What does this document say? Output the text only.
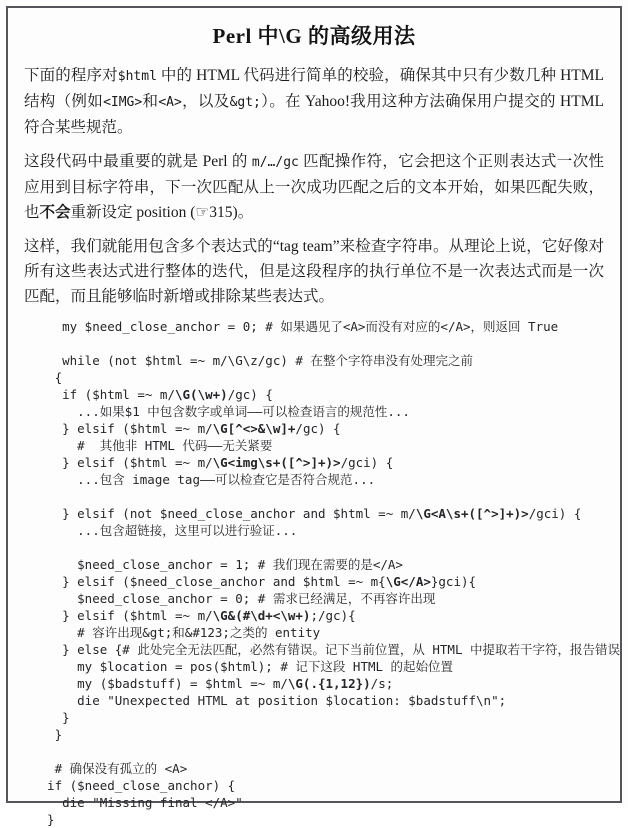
Perl 中\G 的高级用法

下面的程序对$html 中的 HTML 代码进行简单的校验，确保其中只有少数几种 HTML 结构（例如<IMG>和<A>，以及&gt;）。在 Yahoo!我用这种方法确保用户提交的 HTML 符合某些规范。

这段代码中最重要的就是 Perl 的 m/…/gc 匹配操作符，它会把这个正则表达式一次性应用到目标字符串，下一次匹配从上一次成功匹配之后的文本开始，如果匹配失败，也不会重新设定 position (☞315)。

这样，我们就能用包含多个表达式的“tag team”来检查字符串。从理论上说，它好像对所有这些表达式进行整体的迭代，但是这段程序的执行单位不是一次表达式而是一次匹配，而且能够临时新增或排除某些表达式。

my $need_close_anchor = 0; # 如果遇见了<A>而没有对应的</A>，则返回 True

while (not $html =~ m/\G\z/gc) # 在整个字符串没有处理完之前
{
if ($html =~ m/\G(\w+)/gc) {
...如果$1 中包含数字或单词——可以检查语言的规范性...
} elsif ($html =~ m/\G[^<>&\w]+/gc) {
#  其他非 HTML 代码——无关紧要
} elsif ($html =~ m/\G<img\s+([^>]+)>/gci) {
...包含 image tag——可以检查它是否符合规范...

} elsif (not $need_close_anchor and $html =~ m/\G<A\s+([^>]+)>/gci) {
...包含超链接，这里可以进行验证...

$need_close_anchor = 1; # 我们现在需要的是</A>
} elsif ($need_close_anchor and $html =~ m{\G</A>}gci){
$need_close_anchor = 0; # 需求已经满足，不再容许出现
} elsif ($html =~ m/\G&(#\d+<\w+);/gc){
# 容许出现&gt;和&#123;之类的 entity
} else {# 此处完全无法匹配，必然有错误。记下当前位置，从 HTML 中提取若干字符，报告错误
my $location = pos($html); # 记下这段 HTML 的起始位置
my ($badstuff) = $html =~ m/\G(.{1,12})/s;
die "Unexpected HTML at position $location: $badstuff\n";
}
}

# 确保没有孤立的 <A>
if ($need_close_anchor) {
die "Missing final </A>"
}
